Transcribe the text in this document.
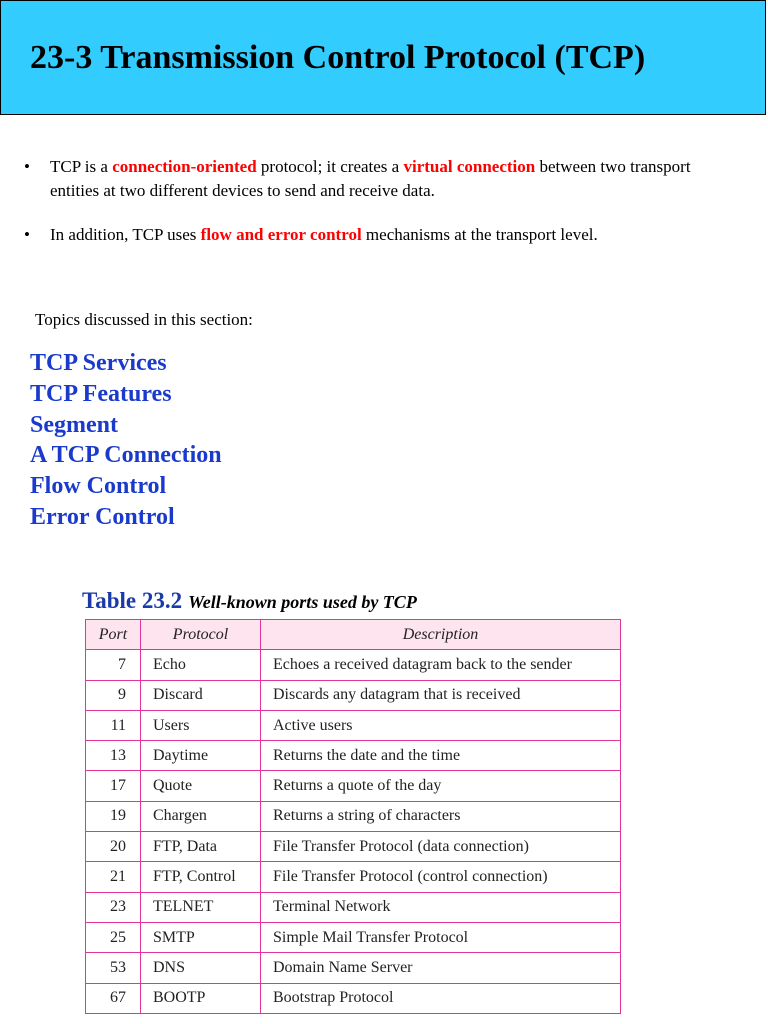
23-3 Transmission Control Protocol (TCP)
• TCP is a connection-oriented protocol; it creates a virtual connection between two transport entities at two different devices to send and receive data.
• In addition, TCP uses flow and error control mechanisms at the transport level.
Topics discussed in this section:
TCP Services
TCP Features
Segment
A TCP Connection
Flow Control
Error Control
Table 23.2 Well-known ports used by TCP
Port	Protocol	Description
7	Echo	Echoes a received datagram back to the sender
9	Discard	Discards any datagram that is received
11	Users	Active users
13	Daytime	Returns the date and the time
17	Quote	Returns a quote of the day
19	Chargen	Returns a string of characters
20	FTP, Data	File Transfer Protocol (data connection)
21	FTP, Control	File Transfer Protocol (control connection)
23	TELNET	Terminal Network
25	SMTP	Simple Mail Transfer Protocol
53	DNS	Domain Name Server
67	BOOTP	Bootstrap Protocol
